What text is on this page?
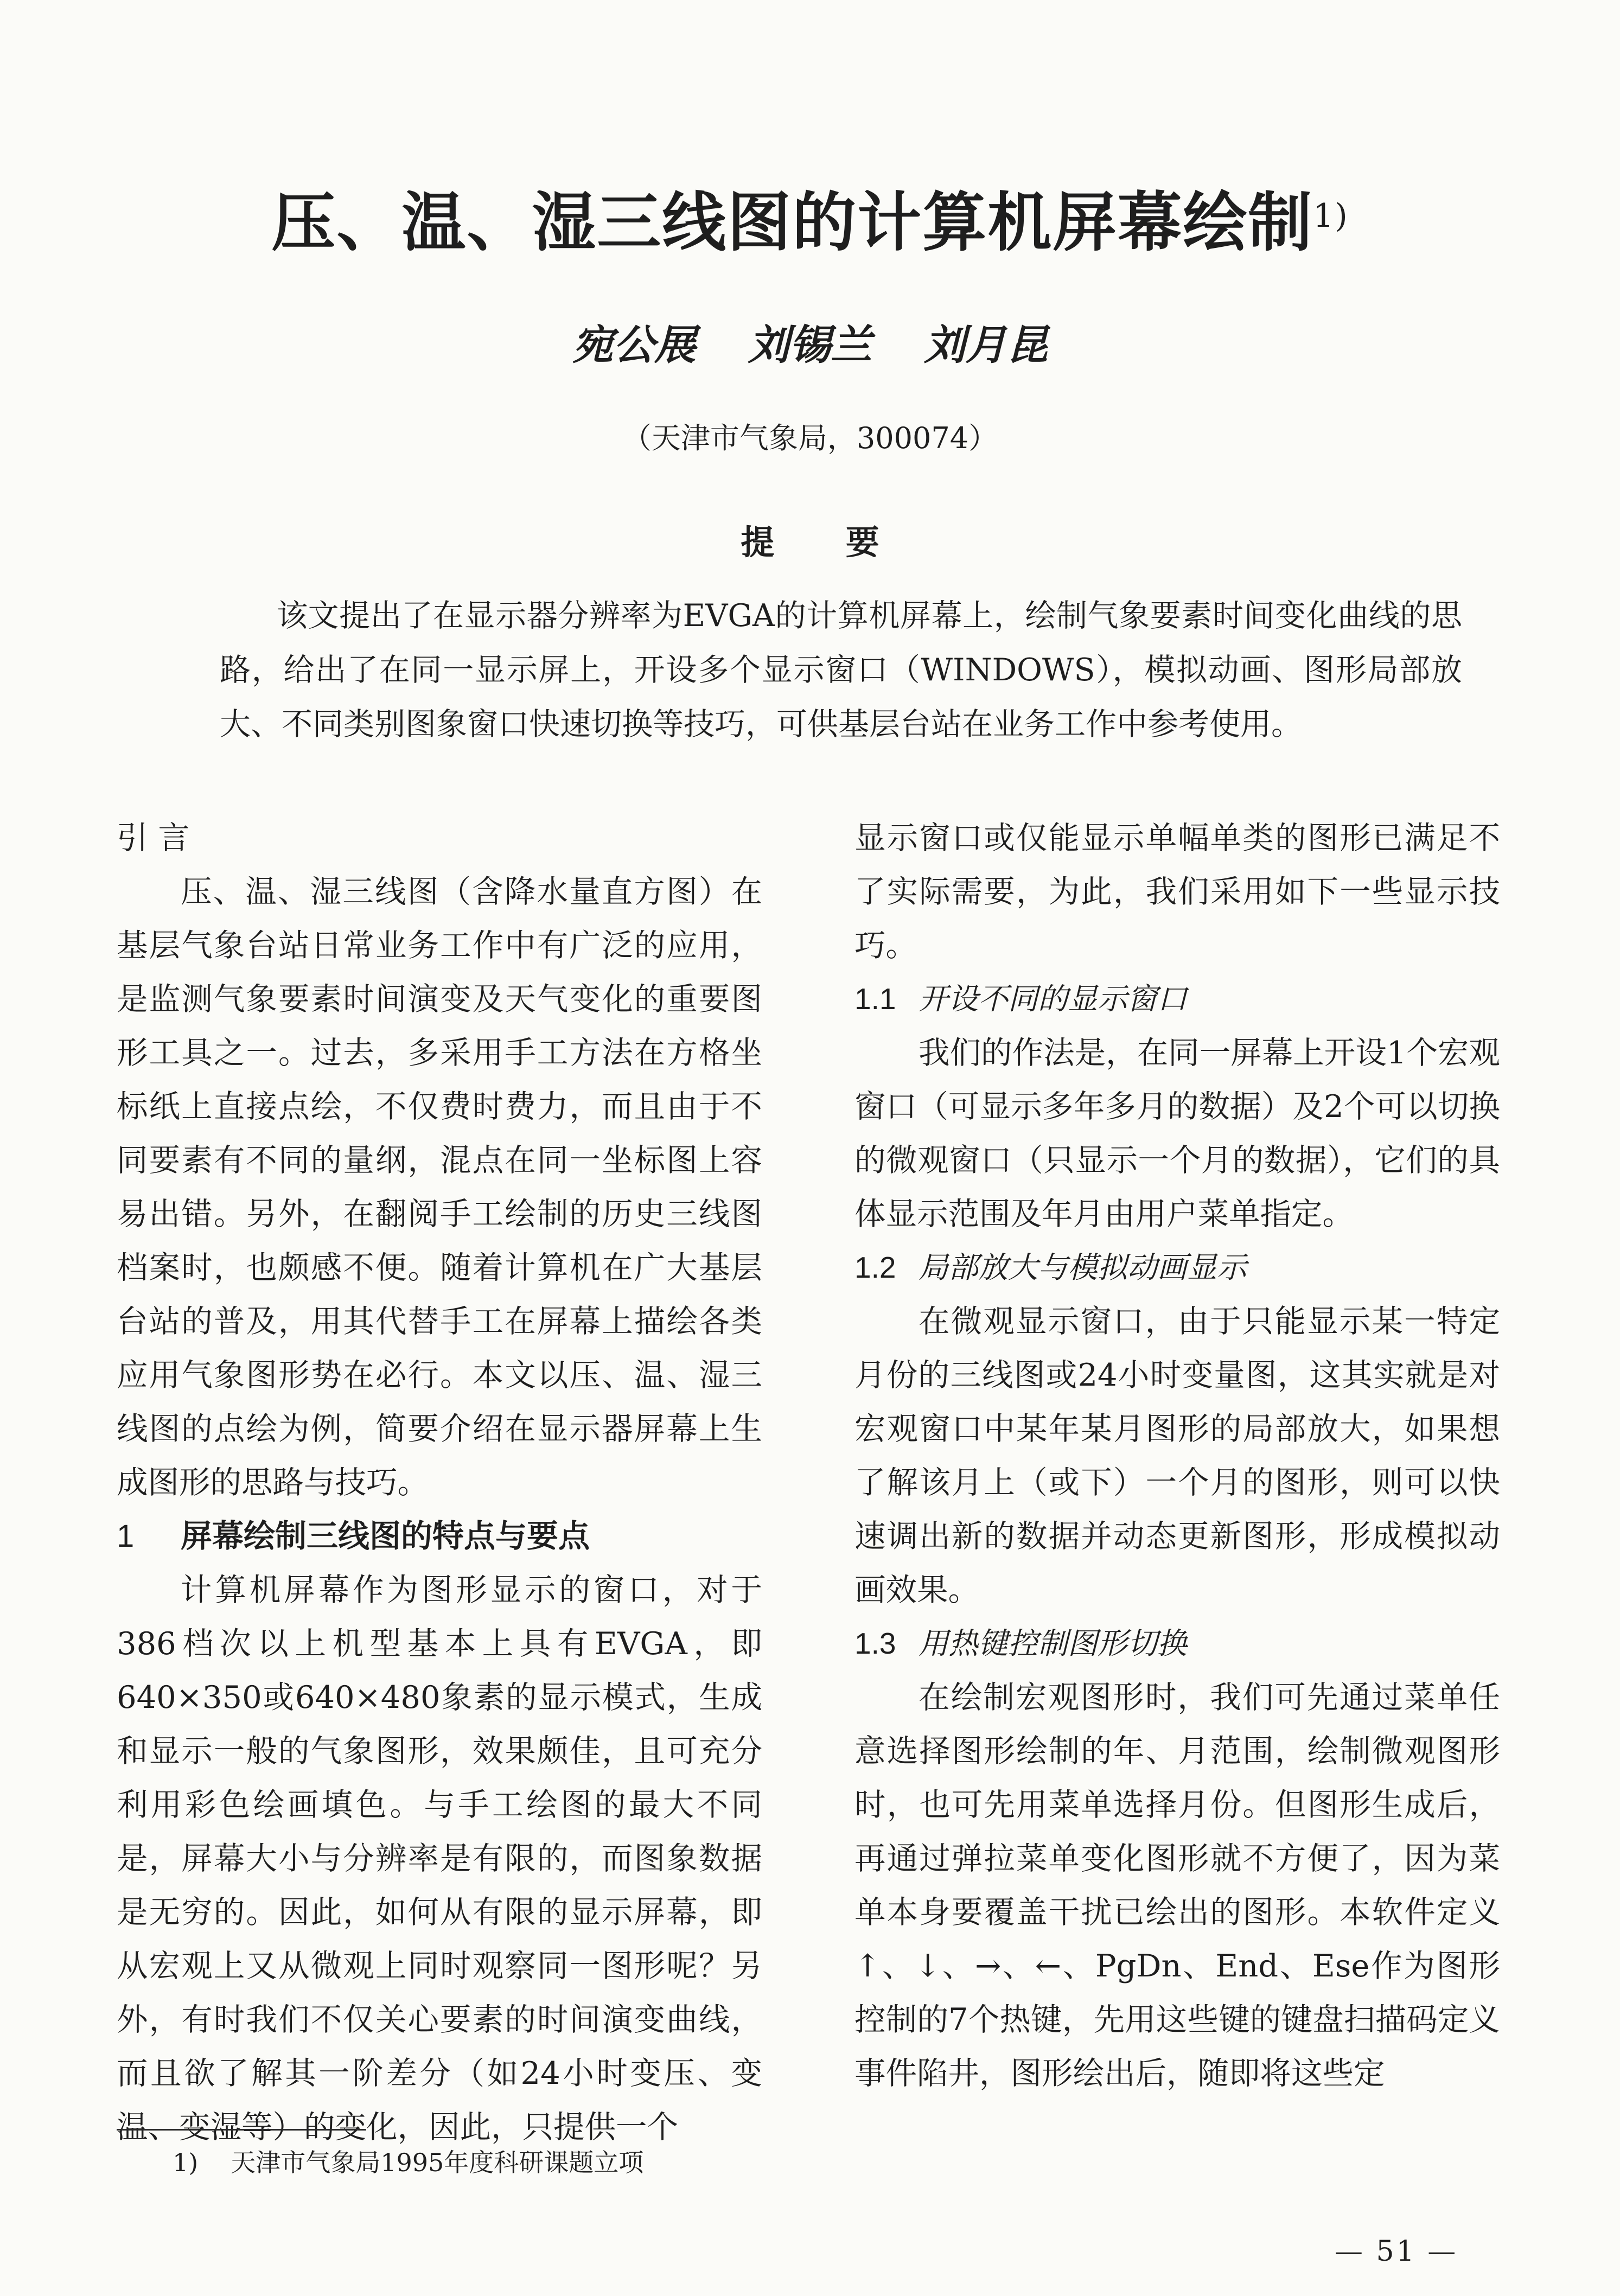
压、温、湿三线图的计算机屏幕绘制$^{1)}$
宛公展 刘锡兰 刘月昆
（天津市气象局，300074）
提 要
该文提出了在显示器分辨率为EVGA的计算机屏幕上，绘制气象要素时间变化曲线的思路，给出了在同一显示屏上，开设多个显示窗口（WINDOWS），模拟动画、图形局部放大、不同类别图象窗口快速切换等技巧，可供基层台站在业务工作中参考使用。
引 言

压、温、湿三线图（含降水量直方图）在基层气象台站日常业务工作中有广泛的应用，是监测气象要素时间演变及天气变化的重要图形工具之一。过去，多采用手工方法在方格坐标纸上直接点绘，不仅费时费力，而且由于不同要素有不同的量纲，混点在同一坐标图上容易出错。另外，在翻阅手工绘制的历史三线图档案时，也颇感不便。随着计算机在广大基层台站的普及，用其代替手工在屏幕上描绘各类应用气象图形势在必行。本文以压、温、湿三线图的点绘为例，简要介绍在显示器屏幕上生成图形的思路与技巧。

1 屏幕绘制三线图的特点与要点

计算机屏幕作为图形显示的窗口，对于386档次以上机型基本上具有EVGA，即640×350或640×480象素的显示模式，生成和显示一般的气象图形，效果颇佳，且可充分利用彩色绘画填色。与手工绘图的最大不同是，屏幕大小与分辨率是有限的，而图象数据是无穷的。因此，如何从有限的显示屏幕，即从宏观上又从微观上同时观察同一图形呢？另外，有时我们不仅关心要素的时间演变曲线，而且欲了解其一阶差分（如24小时变压、变温、变湿等）的变化，因此，只提供一个

显示窗口或仅能显示单幅单类的图形已满足不了实际需要，为此，我们采用如下一些显示技巧。

1.1 开设不同的显示窗口

我们的作法是，在同一屏幕上开设1个宏观窗口（可显示多年多月的数据）及2个可以切换的微观窗口（只显示一个月的数据），它们的具体显示范围及年月由用户菜单指定。

1.2 局部放大与模拟动画显示

在微观显示窗口，由于只能显示某一特定月份的三线图或24小时变量图，这其实就是对宏观窗口中某年某月图形的局部放大，如果想了解该月上（或下）一个月的图形，则可以快速调出新的数据并动态更新图形，形成模拟动画效果。

1.3 用热键控制图形切换

在绘制宏观图形时，我们可先通过菜单任意选择图形绘制的年、月范围，绘制微观图形时，也可先用菜单选择月份。但图形生成后，再通过弹拉菜单变化图形就不方便了，因为菜单本身要覆盖干扰已绘出的图形。本软件定义↑、↓、→、←、PgDn、End、Ese作为图形控制的7个热键，先用这些键的键盘扫描码定义事件陷井，图形绘出后，随即将这些定

1) 天津市气象局1995年度科研课题立项
— 51 —
